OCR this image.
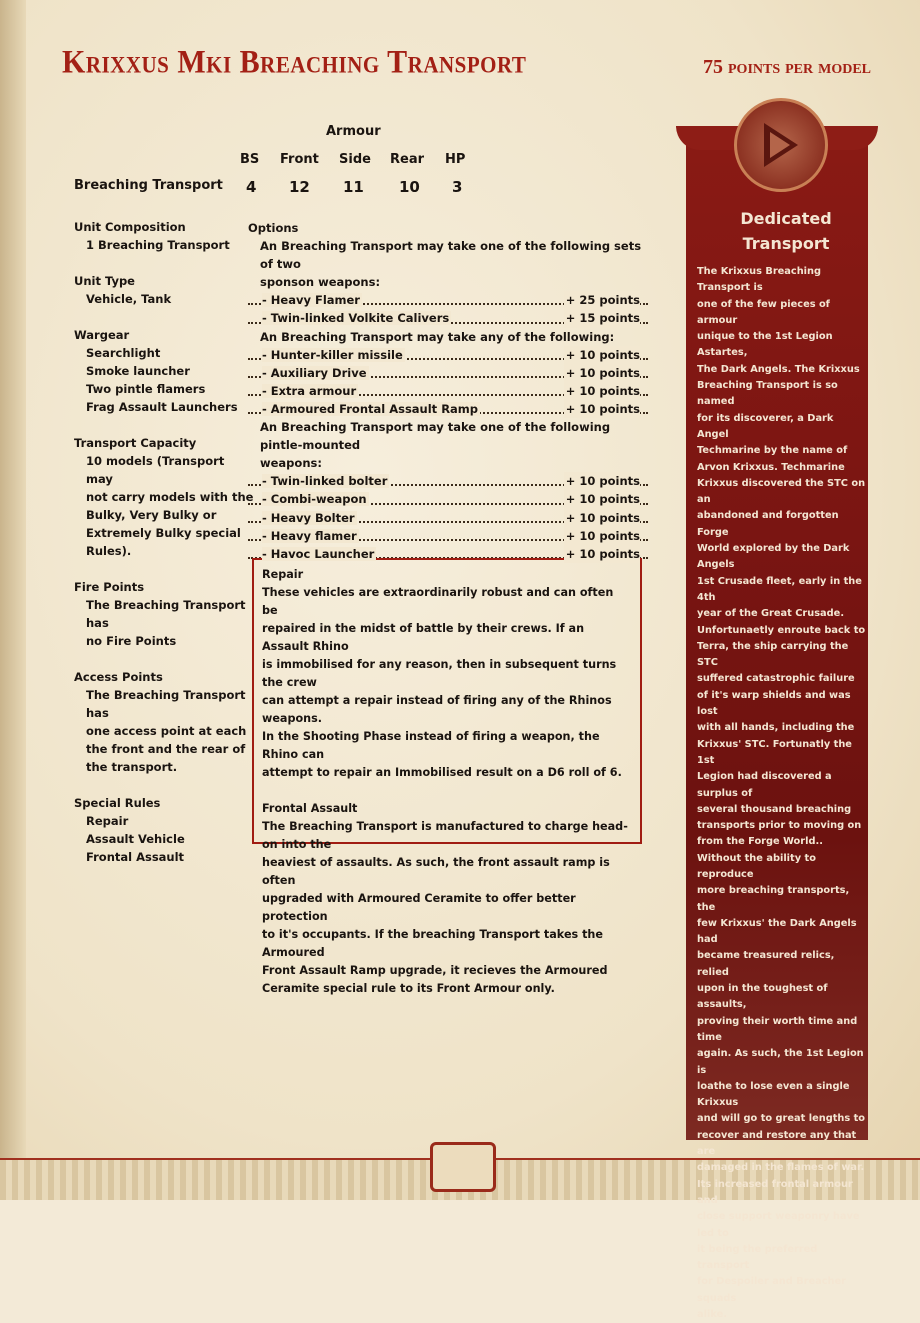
Krixxus Mki Breaching Transport	75 points per model
Armour
BS Front Side Rear HP
Breaching Transport 4 12 11 10 3
Unit Composition
1 Breaching Transport
Unit Type
Vehicle, Tank
Wargear
Searchlight
Smoke launcher
Two pintle flamers
Frag Assault Launchers
Transport Capacity
10 models (Transport may
not carry models with the
Bulky, Very Bulky or
Extremely Bulky special Rules).
Fire Points
The Breaching Transport has
no Fire Points
Access Points
The Breaching Transport has
one access point at each
the front and the rear of
the transport.
Special Rules
Repair
Assault Vehicle
Frontal Assault
Options
An Breaching Transport may take one of the following sets of two
sponson weapons:
- Heavy Flamer	+ 25 points
- Twin-linked Volkite Calivers	+ 15 points
An Breaching Transport may take any of the following:
- Hunter-killer missile	+ 10 points
- Auxiliary Drive	+ 10 points
- Extra armour	+ 10 points
- Armoured Frontal Assault Ramp	+ 10 points
An Breaching Transport may take one of the following pintle-mounted
weapons:
- Twin-linked bolter	+ 10 points
- Combi-weapon	+ 10 points
- Heavy Bolter	+ 10 points
- Heavy flamer	+ 10 points
- Havoc Launcher	+ 10 points
Repair

These vehicles are extraordinarily robust and can often be
repaired in the midst of battle by their crews. If an Assault Rhino
is immobilised for any reason, then in subsequent turns the crew
can attempt a repair instead of firing any of the Rhinos weapons.
In the Shooting Phase instead of firing a weapon, the Rhino can
attempt to repair an Immobilised result on a D6 roll of 6.

Frontal Assault

The Breaching Transport is manufactured to charge head-on into the
heaviest of assaults. As such, the front assault ramp is often
upgraded with Armoured Ceramite to offer better protection
to it's occupants. If the breaching Transport takes the Armoured
Front Assault Ramp upgrade, it recieves the Armoured
Ceramite special rule to its Front Armour only.

Dedicated
Transport

The Krixxus Breaching Transport is

one of the few pieces of armour

unique to the 1st Legion Astartes,

The Dark Angels. The Krixxus

Breaching Transport is so named

for its discoverer, a Dark Angel

Techmarine by the name of

Arvon Krixxus. Techmarine

Krixxus discovered the STC on an

abandoned and forgotten Forge

World explored by the Dark Angels

1st Crusade fleet, early in the 4th

year of the Great Crusade.

Unfortunaetly enroute back to

Terra, the ship carrying the STC

suffered catastrophic failure

of it's warp shields and was lost

with all hands, including the

Krixxus' STC. Fortunatly the 1st

Legion had discovered a surplus of

several thousand breaching

transports prior to moving on

from the Forge World..

Without the ability to reproduce

more breaching transports, the

few Krixxus' the Dark Angels had

became treasured relics, relied

upon in the toughest of assaults,

proving their worth time and time

again. As such, the 1st Legion is

loathe to lose even a single Krixxus

and will go to great lengths to

recover and restore any that are

damaged in the flames of war.

Its increased frontal armour and

close support weaponry have led to

it being the preferred transport

for Despoiler and Breacher squads

alike.
